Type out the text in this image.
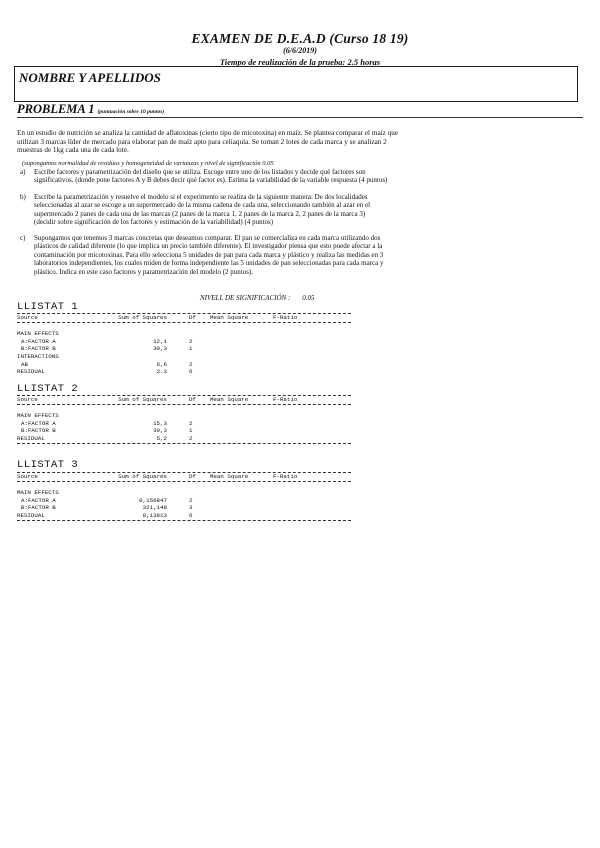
EXAMEN DE D.E.A.D (Curso 18 19)
(6/6/2019)
Tiempo de realización de la prueba: 2.5 horas
NOMBRE Y APELLIDOS
PROBLEMA 1 (puntuación sobre 10 puntos)
En un estudio de nutrición se analiza la cantidad de aflatoxinas (cierto tipo de micotoxina) en maíz. Se plantea comparar el maíz que
utilizan 3 marcas líder de mercado para elaborar pan de maíz apto para celiaquía. Se toman 2 lotes de cada marca y se analizan 2
muestras de 1kg cada una de cada lote.
(supongamos normalidad de residuos y homogeneidad de varianzas y nivel de significación 0.05
a) Escribe factores y parametrización del diseño que se utiliza. Escoge entre uno de los listados y decide qué factores son
significativos. (donde pone factores A y B debes decir qué factor es). Estima la variabilidad de la variable respuesta (4 puntos)
b) Escribe la parametrización y resuelve el modelo si el experimento se realiza de la siguiente manera: De dos localidades
seleccionadas al azar se escoge a un supermercado de la misma cadena de cada una, seleccionando también al azar en el
supermercado 2 panes de cada una de las marcas (2 panes de la marca 1, 2 panes de la marca 2, 2 panes de la marca 3)
(decidir sobre significación de los factores y estimación de la variabilidad) (4 puntos)
c) Supongamos que tenemos 3 marcas concretas que deseamos comparar. El pan se comercializa en cada marca utilizando dos
plásticos de calidad diferente (lo que implica un precio también diferente). El investigador piensa que esto puede afectar a la
contaminación por micotoxinas. Para ello selecciona 5 unidades de pan para cada marca y plástico y realiza las medidas en 3
laboratorios independientes, los cuales miden de forma independiente las 5 unidades de pan seleccionadas para cada marca y
plástico. Indica en este caso factores y parametrización del modelo (2 puntos).
NIVELL DE SIGNIFICACIÓN : 0.05
LLISTAT 1
Source	Sum of Squares	Df Mean Square	F-Ratio
MAIN EFFECTS
A:FACTOR A	12,1	2
B:FACTOR B	30,3	1
INTERACTIONS
AB	6,6	2
RESIDUAL	2.3	6
LLISTAT 2
Source	Sum of Squares	Df Mean Square	F-Ratio
MAIN EFFECTS
A:FACTOR A	15,3	2
B:FACTOR B	30,3	1
RESIDUAL	5,2	2
LLISTAT 3
Source	Sum of Squares	Df Mean Square	F-Ratio
MAIN EFFECTS
A:FACTOR A	0,156847	2
B:FACTOR B	321,148	3
RESIDUAL	8,13813	6
